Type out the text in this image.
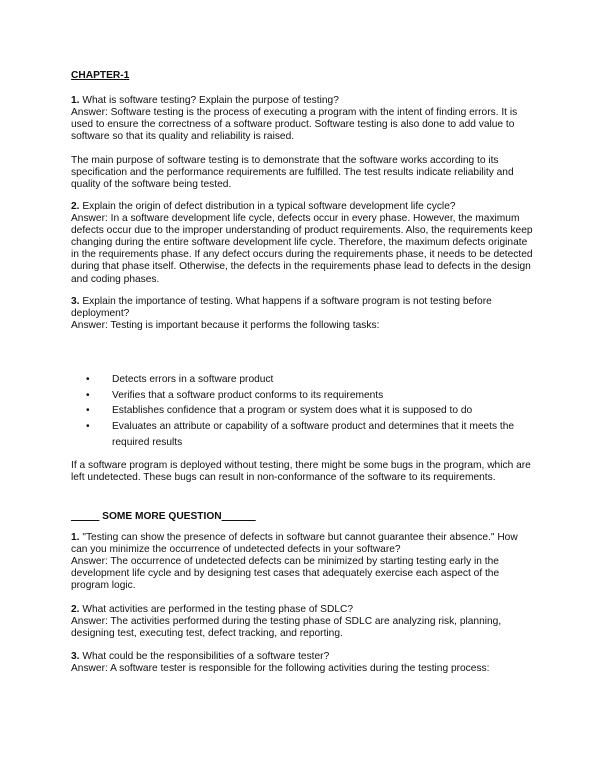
CHAPTER-1

1. What is software testing? Explain the purpose of testing?

Answer: Software testing is the process of executing a program with the intent of finding errors. It is used to ensure the correctness of a software product. Software testing is also done to add value to software so that its quality and reliability is raised.

The main purpose of software testing is to demonstrate that the software works according to its specification and the performance requirements are fulfilled. The test results indicate reliability and quality of the software being tested.

2. Explain the origin of defect distribution in a typical software development life cycle?

Answer: In a software development life cycle, defects occur in every phase. However, the maximum defects occur due to the improper understanding of product requirements. Also, the requirements keep changing during the entire software development life cycle. Therefore, the maximum defects originate in the requirements phase. If any defect occurs during the requirements phase, it needs to be detected during that phase itself. Otherwise, the defects in the requirements phase lead to defects in the design and coding phases.

3. Explain the importance of testing. What happens if a software program is not testing before deployment?

Answer: Testing is important because it performs the following tasks:

• Detects errors in a software product
• Verifies that a software product conforms to its requirements
• Establishes confidence that a program or system does what it is supposed to do
• Evaluates an attribute or capability of a software product and determines that it meets the required results
If a software program is deployed without testing, there might be some bugs in the program, which are left undetected. These bugs can result in non-conformance of the software to its requirements.
_____ SOME MORE QUESTION______

1. "Testing can show the presence of defects in software but cannot guarantee their absence." How can you minimize the occurrence of undetected defects in your software?

Answer: The occurrence of undetected defects can be minimized by starting testing early in the development life cycle and by designing test cases that adequately exercise each aspect of the program logic.

2. What activities are performed in the testing phase of SDLC?

Answer: The activities performed during the testing phase of SDLC are analyzing risk, planning, designing test, executing test, defect tracking, and reporting.

3. What could be the responsibilities of a software tester?

Answer: A software tester is responsible for the following activities during the testing process:
